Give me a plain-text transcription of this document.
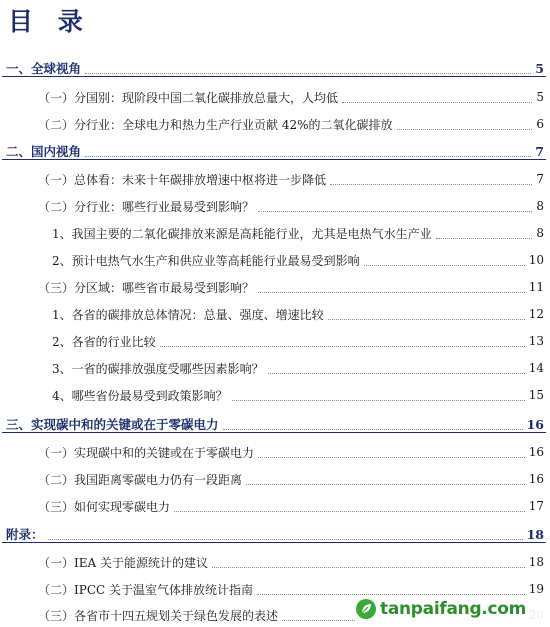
目 录
一、全球视角	5
（一）分国别：现阶段中国二氧化碳排放总量大，人均低	5
（二）分行业：全球电力和热力生产行业贡献 42%的二氧化碳排放	6
二、国内视角	7
（一）总体看：未来十年碳排放增速中枢将进一步降低	7
（二）分行业：哪些行业最易受到影响？	8
1、我国主要的二氧化碳排放来源是高耗能行业，尤其是电热气水生产业	8
2、预计电热气水生产和供应业等高耗能行业最易受到影响	10
（三）分区域：哪些省市最易受到影响？	11
1、各省的碳排放总体情况：总量、强度、增速比较	12
2、各省的行业比较	13
3、一省的碳排放强度受哪些因素影响？	14
4、哪些省份最易受到政策影响？	15
三、实现碳中和的关键或在于零碳电力	16
（一）实现碳中和的关键或在于零碳电力	16
（二）我国距离零碳电力仍有一段距离	16
（三）如何实现零碳电力	17
附录：	18
（一）IEA 关于能源统计的建议	18
（二）IPCC 关于温室气体排放统计指南	19
（三）各省市十四五规划关于绿色发展的表述	tanpaifang.com
